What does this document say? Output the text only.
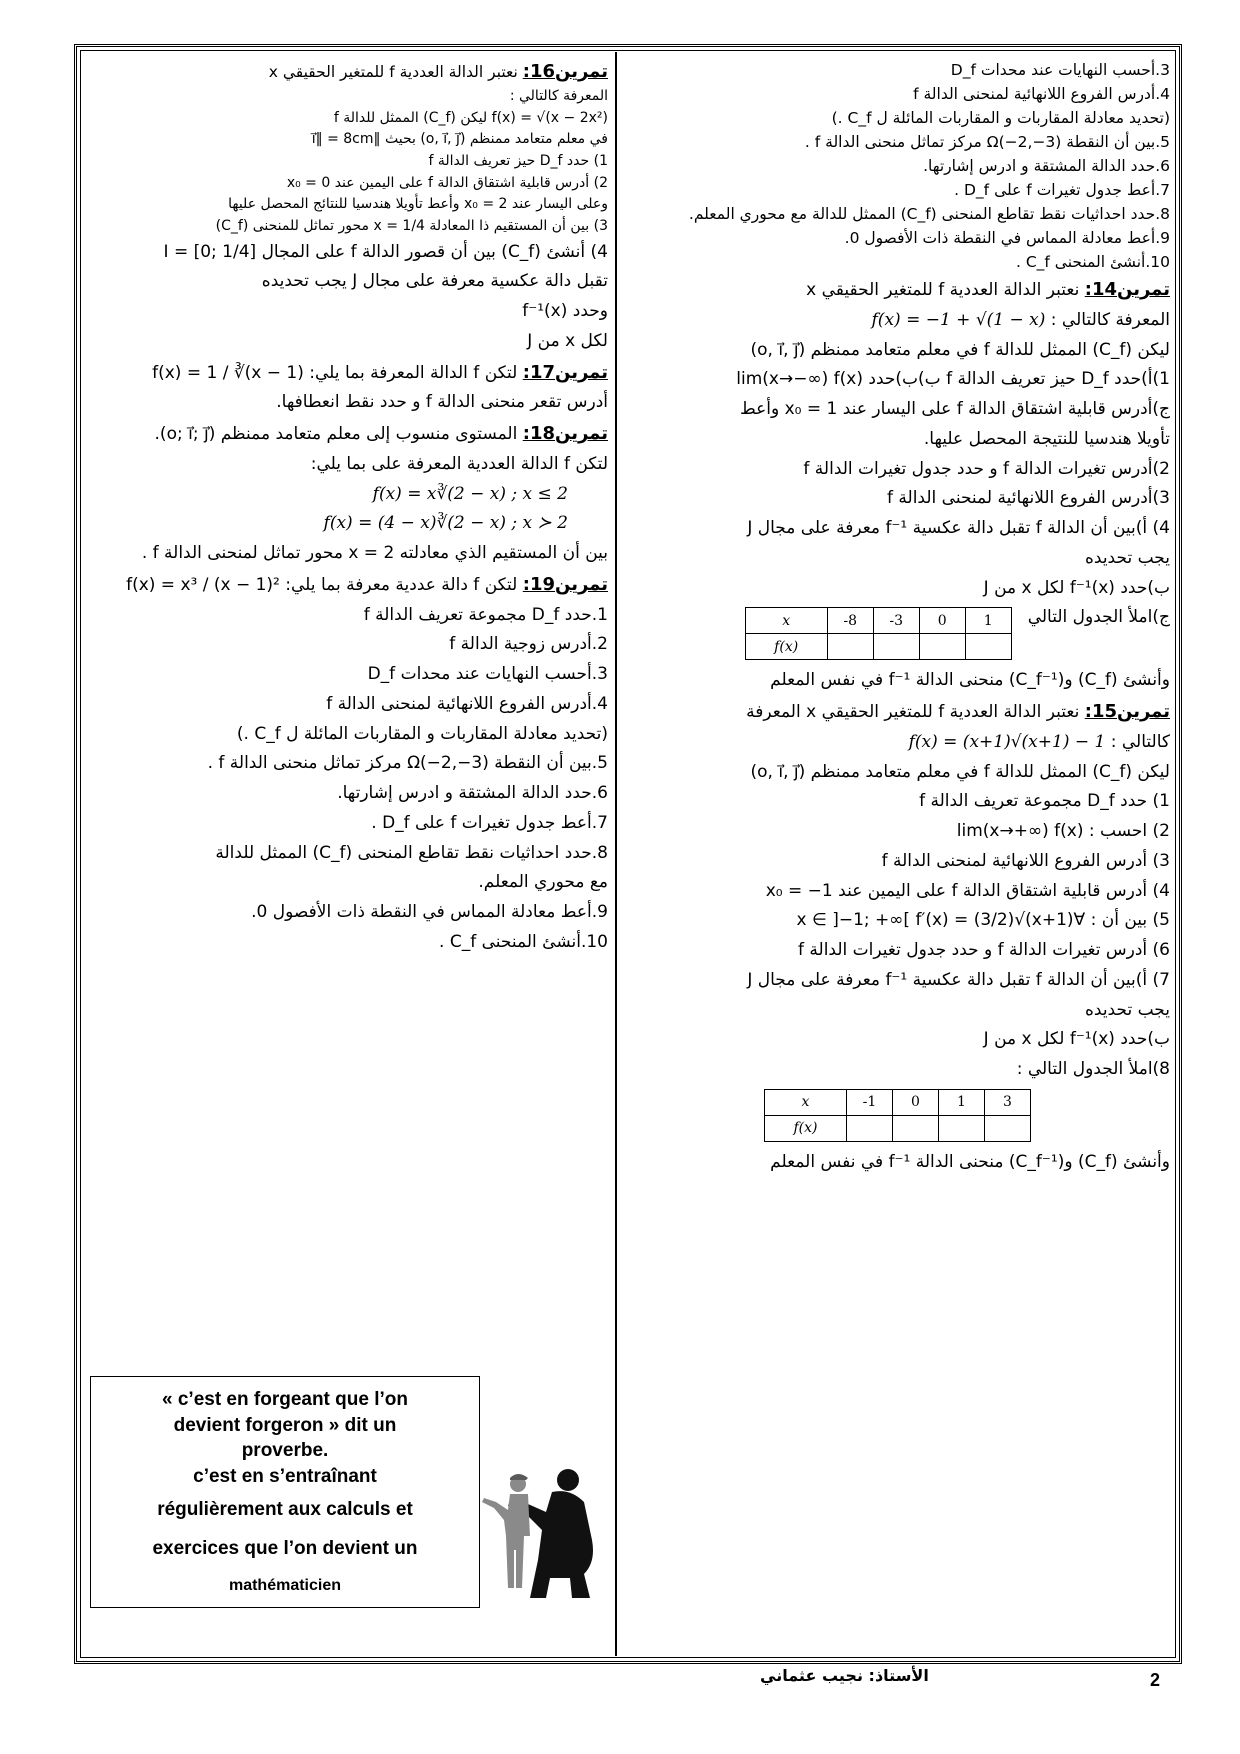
3.أحسب النهايات عند محدات D_f
4.أدرس الفروع اللانهائية لمنحنى الدالة f
(تحديد معادلة المقاربات و المقاربات المائلة ل C_f .)
5.بين أن النقطة Ω(−2,−3) مركز تماثل منحنى الدالة f .
6.حدد الدالة المشتقة و ادرس إشارتها.
7.أعط جدول تغيرات f على D_f .
8.حدد احداثيات نقط تقاطع المنحنى (C_f) الممثل للدالة مع محوري المعلم.
9.أعط معادلة المماس في النقطة ذات الأفصول 0.
10.أنشئ المنحنى C_f .
تمرين14: نعتبر الدالة العددية f للمتغير الحقيقي x
المعرفة كالتالي : f(x) = −1 + √(1 − x)
ليكن (C_f) الممثل للدالة f في معلم متعامد ممنظم (o, i⃗, j⃗)
1)أ)حدد D_f حيز تعريف الدالة f ب)ب)حدد lim(x→−∞) f(x)
ج)أدرس قابلية اشتقاق الدالة f على اليسار عند x₀ = 1 وأعط
تأويلا هندسيا للنتيجة المحصل عليها.
2)أدرس تغيرات الدالة f و حدد جدول تغيرات الدالة f
3)أدرس الفروع اللانهائية لمنحنى الدالة f
4) أ)بين أن الدالة f تقبل دالة عكسية f⁻¹ معرفة على مجال J
يجب تحديده
ب)حدد f⁻¹(x) لكل x من J
ج)املأ الجدول التالي
x	-8	-3	0	1
f(x)				
وأنشئ (C_f) و(C_f⁻¹) منحنى الدالة f⁻¹ في نفس المعلم
تمرين15: نعتبر الدالة العددية f للمتغير الحقيقي x المعرفة
كالتالي : f(x) = (x+1)√(x+1) − 1
ليكن (C_f) الممثل للدالة f في معلم متعامد ممنظم (o, i⃗, j⃗)
1) حدد D_f مجموعة تعريف الدالة f
2) احسب : lim(x→+∞) f(x)
3) أدرس الفروع اللانهائية لمنحنى الدالة f
4) أدرس قابلية اشتقاق الدالة f على اليمين عند x₀ = −1
5) بين أن : ∀x ∈ ]−1; +∞[ f′(x) = (3/2)√(x+1)
6) أدرس تغيرات الدالة f و حدد جدول تغيرات الدالة f
7) أ)بين أن الدالة f تقبل دالة عكسية f⁻¹ معرفة على مجال J
يجب تحديده
ب)حدد f⁻¹(x) لكل x من J
8)املأ الجدول التالي :
x	-1	0	1	3
f(x)				
وأنشئ (C_f) و(C_f⁻¹) منحنى الدالة f⁻¹ في نفس المعلم
تمرين16: نعتبر الدالة العددية f للمتغير الحقيقي x
المعرفة كالتالي :
f(x) = √(x − 2x²) ليكن (C_f) الممثل للدالة f
في معلم متعامد ممنظم (o, i⃗, j⃗) بحيث ‖i⃗‖ = 8cm
1) حدد D_f حيز تعريف الدالة f
2) أدرس قابلية اشتقاق الدالة f على اليمين عند x₀ = 0
وعلى اليسار عند x₀ = 2 وأعط تأويلا هندسيا للنتائج المحصل عليها
3) بين أن المستقيم ذا المعادلة x = 1/4 محور تماثل للمنحنى (C_f)
4) أنشئ (C_f) بين أن قصور الدالة f على المجال I = [0; 1/4]
تقبل دالة عكسية معرفة على مجال J يجب تحديده
وحدد f⁻¹(x)
لكل x من J
تمرين17: لتكن f الدالة المعرفة بما يلي: f(x) = 1 / ∛(x − 1)
أدرس تقعر منحنى الدالة f و حدد نقط انعطافها.
تمرين18: المستوى منسوب إلى معلم متعامد ممنظم (o; i⃗; j⃗).
لتكن f الدالة العددية المعرفة على بما يلي:
f(x) = x∛(2 − x) ; x ≤ 2
f(x) = (4 − x)∛(2 − x) ; x ≻ 2
بين أن المستقيم الذي معادلته x = 2 محور تماثل لمنحنى الدالة f .
تمرين19: لتكن f دالة عددية معرفة بما يلي: f(x) = x³ / (x − 1)²
1.حدد D_f مجموعة تعريف الدالة f
2.أدرس زوجية الدالة f
3.أحسب النهايات عند محدات D_f
4.أدرس الفروع اللانهائية لمنحنى الدالة f
(تحديد معادلة المقاربات و المقاربات المائلة ل C_f .)
5.بين أن النقطة Ω(−2,−3) مركز تماثل منحنى الدالة f .
6.حدد الدالة المشتقة و ادرس إشارتها.
7.أعط جدول تغيرات f على D_f .
8.حدد احداثيات نقط تقاطع المنحنى (C_f) الممثل للدالة
مع محوري المعلم.
9.أعط معادلة المماس في النقطة ذات الأفصول 0.
10.أنشئ المنحنى C_f .
« c’est en forgeant que l’on
devient forgeron » dit un
proverbe.
c’est en s’entraînant
régulièrement aux calculs et
exercices que l’on devient un
mathématicien
الأستاذ: نجيب عثماني	2
